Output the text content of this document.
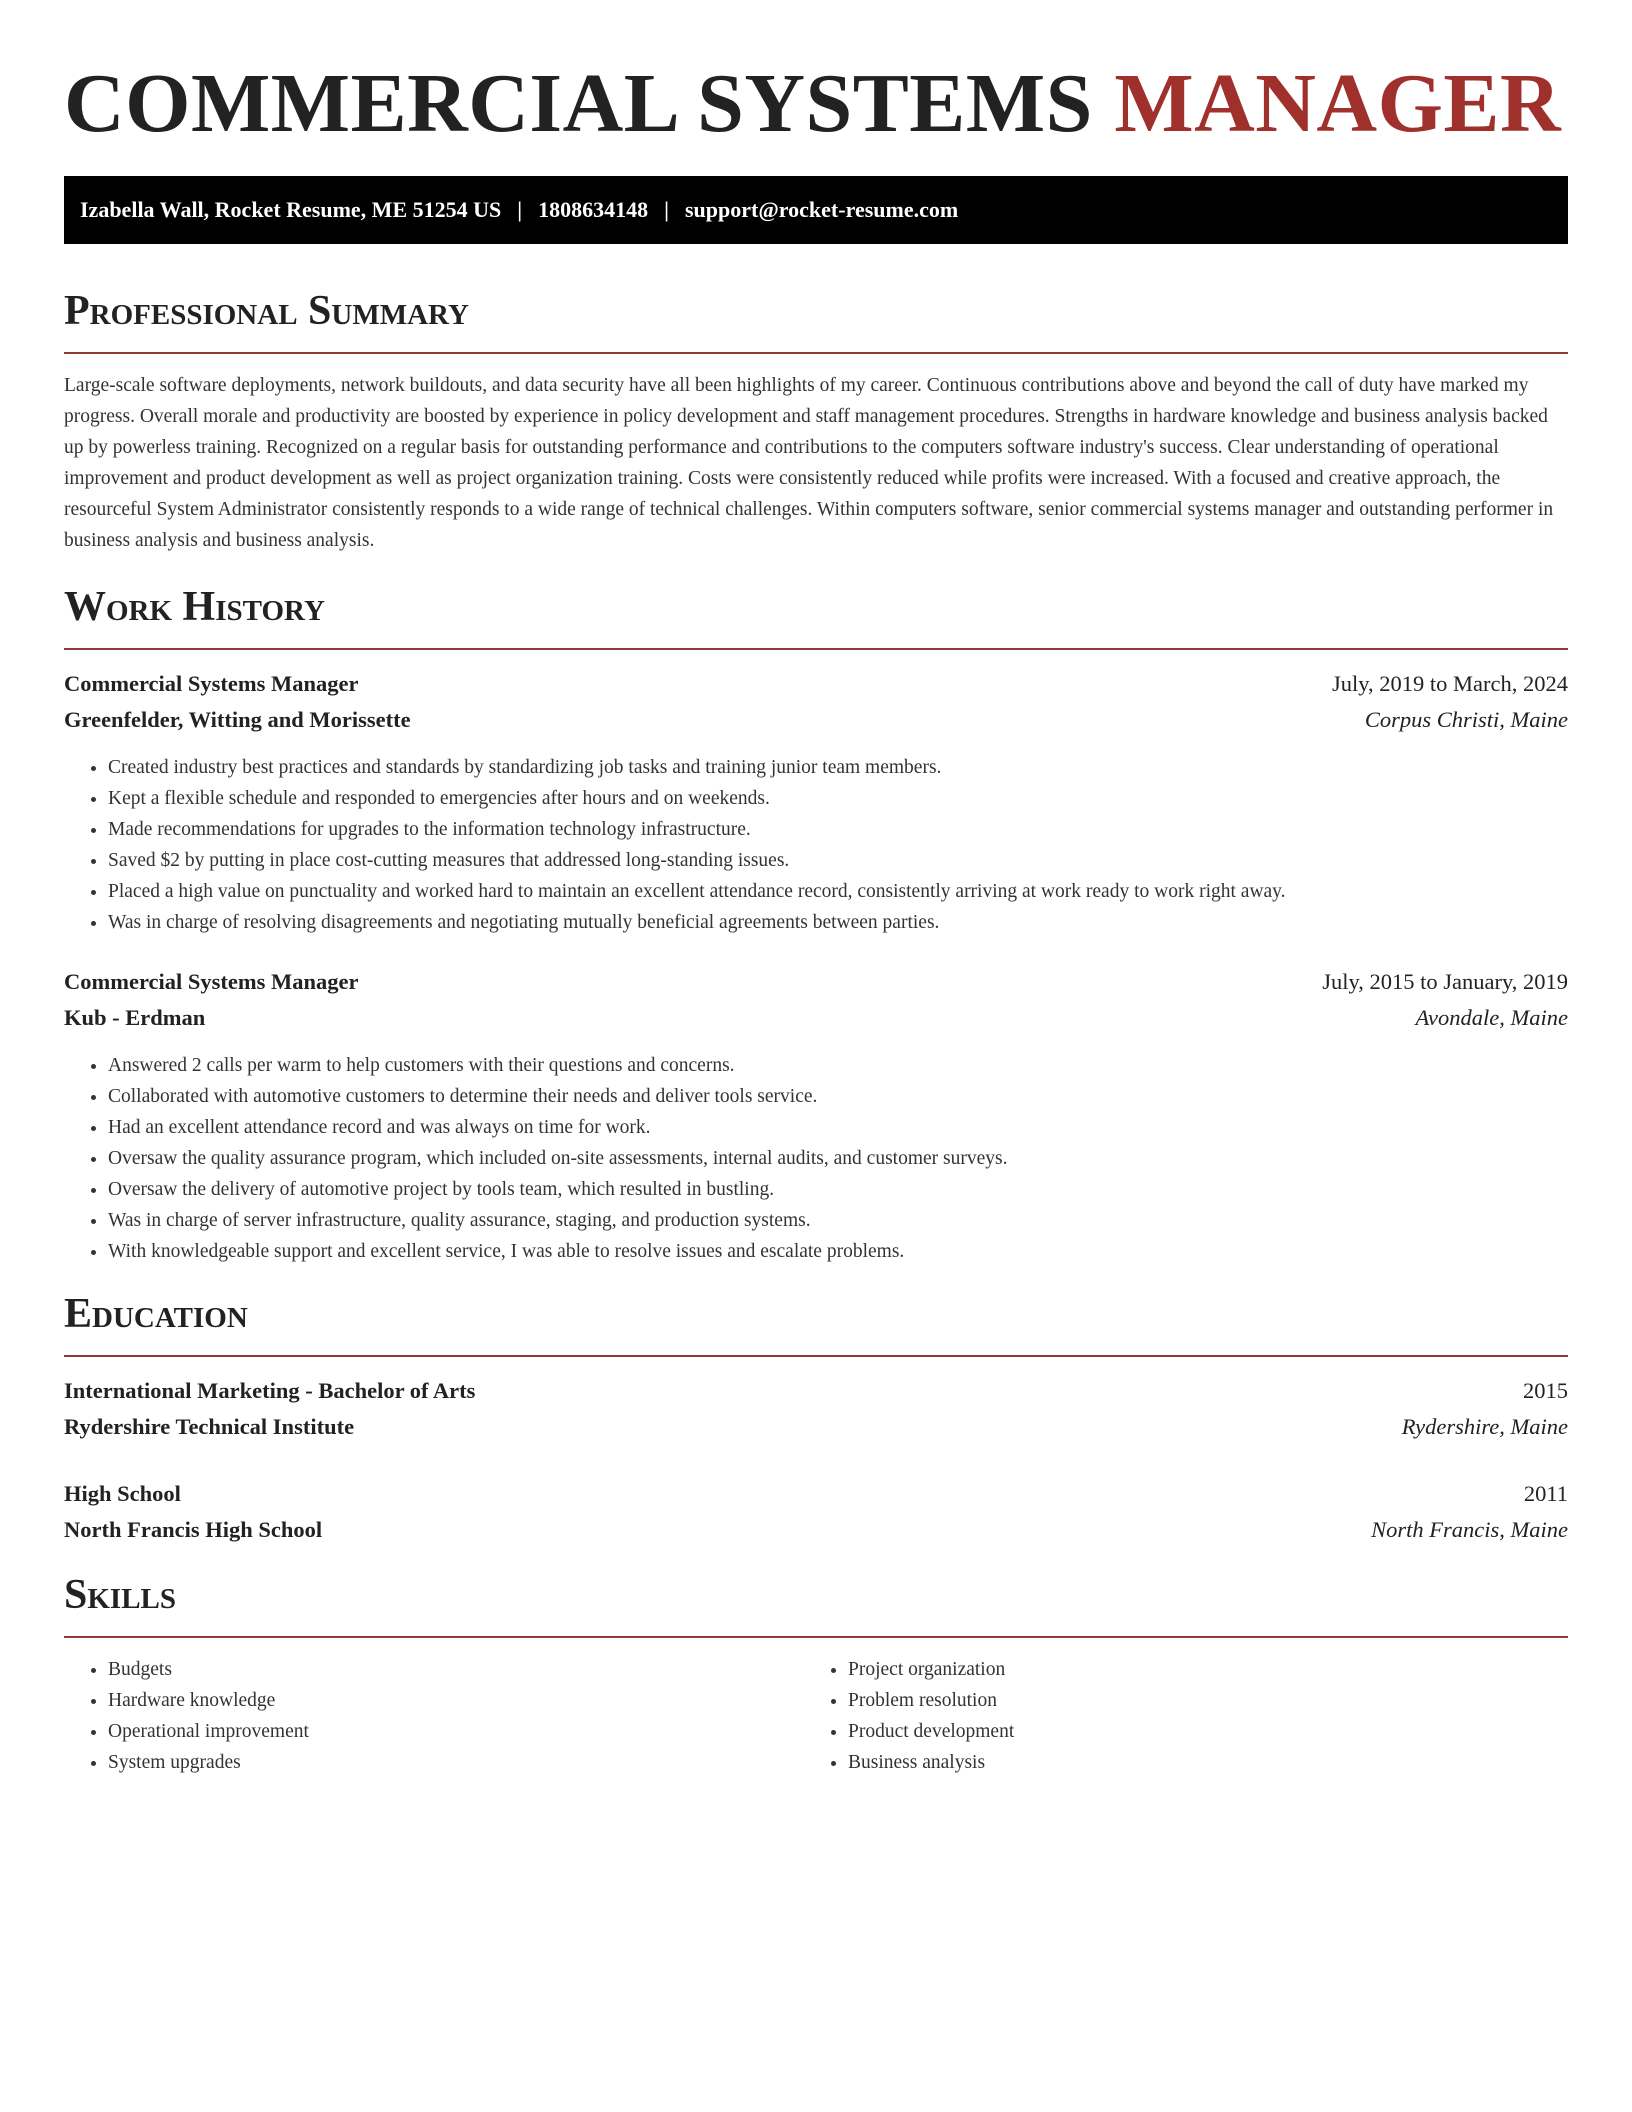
COMMERCIAL SYSTEMS MANAGER
Izabella Wall, Rocket Resume, ME 51254 US | 1808634148 | support@rocket-resume.com
Professional Summary

Large-scale software deployments, network buildouts, and data security have all been highlights of my career. Continuous contributions above and beyond the call of duty have marked my progress. Overall morale and productivity are boosted by experience in policy development and staff management procedures. Strengths in hardware knowledge and business analysis backed up by powerless training. Recognized on a regular basis for outstanding performance and contributions to the computers software industry's success. Clear understanding of operational improvement and product development as well as project organization training. Costs were consistently reduced while profits were increased. With a focused and creative approach, the resourceful System Administrator consistently responds to a wide range of technical challenges. Within computers software, senior commercial systems manager and outstanding performer in business analysis and business analysis.

Work History
Commercial Systems Manager	July, 2019 to March, 2024
Greenfelder, Witting and Morissette	Corpus Christi, Maine
• Created industry best practices and standards by standardizing job tasks and training junior team members.
• Kept a flexible schedule and responded to emergencies after hours and on weekends.
• Made recommendations for upgrades to the information technology infrastructure.
• Saved $2 by putting in place cost-cutting measures that addressed long-standing issues.
• Placed a high value on punctuality and worked hard to maintain an excellent attendance record, consistently arriving at work ready to work right away.
• Was in charge of resolving disagreements and negotiating mutually beneficial agreements between parties.
Commercial Systems Manager	July, 2015 to January, 2019
Kub - Erdman	Avondale, Maine
• Answered 2 calls per warm to help customers with their questions and concerns.
• Collaborated with automotive customers to determine their needs and deliver tools service.
• Had an excellent attendance record and was always on time for work.
• Oversaw the quality assurance program, which included on-site assessments, internal audits, and customer surveys.
• Oversaw the delivery of automotive project by tools team, which resulted in bustling.
• Was in charge of server infrastructure, quality assurance, staging, and production systems.
• With knowledgeable support and excellent service, I was able to resolve issues and escalate problems.
Education
International Marketing - Bachelor of Arts	2015
Rydershire Technical Institute	Rydershire, Maine
High School	2011
North Francis High School	North Francis, Maine
Skills
• Budgets
• Hardware knowledge
• Operational improvement
• System upgrades
• Project organization
• Problem resolution
• Product development
• Business analysis
